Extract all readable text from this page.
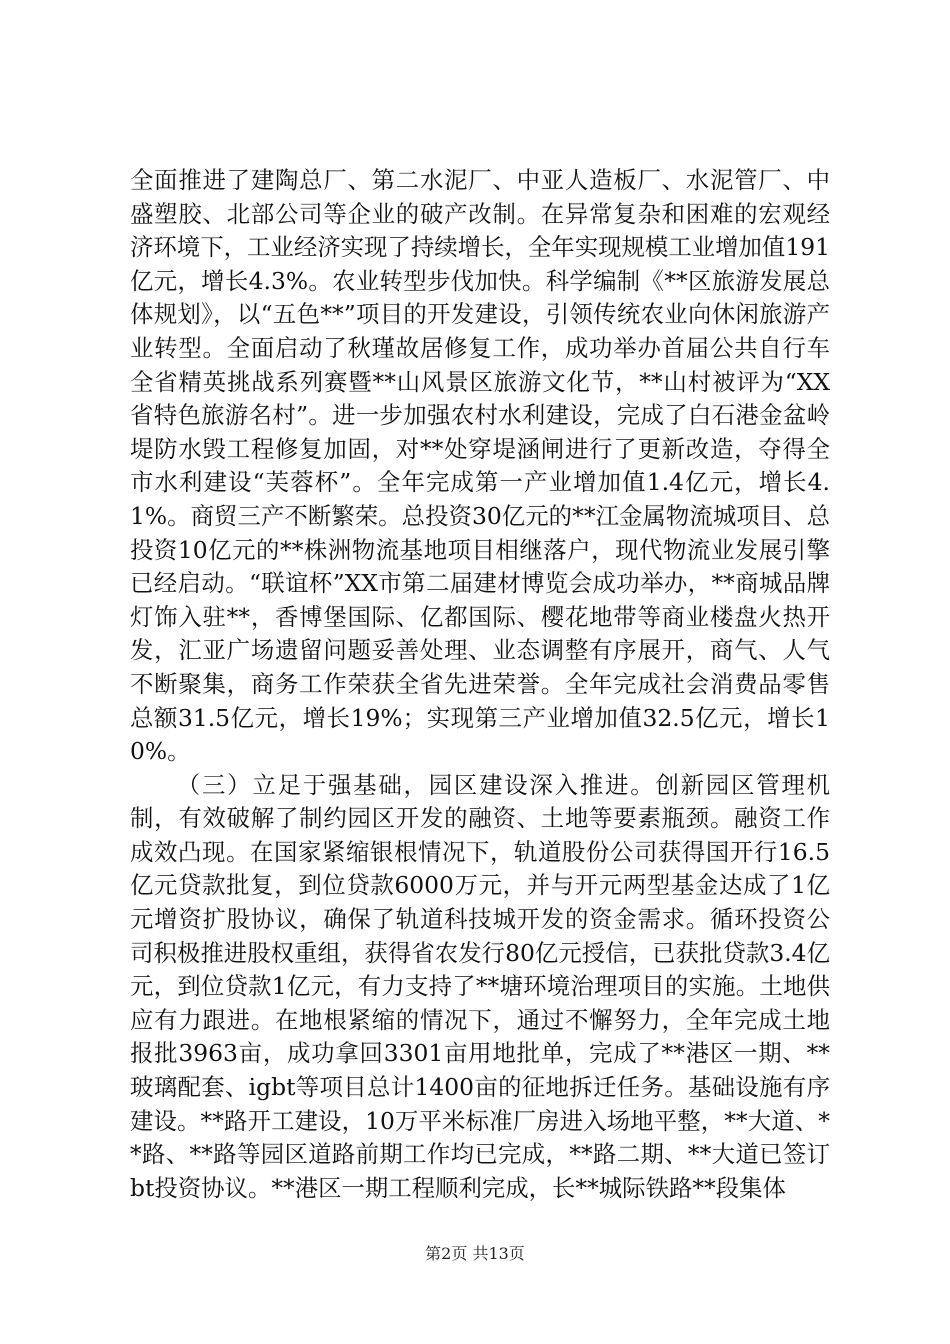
全面推进了建陶总厂、第二水泥厂、中亚人造板厂、水泥管厂、中盛塑胶、北部公司等企业的破产改制。在异常复杂和困难的宏观经济环境下，工业经济实现了持续增长，全年实现规模工业增加值191亿元，增长4.3%。农业转型步伐加快。科学编制《**区旅游发展总体规划》，以“五色**”项目的开发建设，引领传统农业向休闲旅游产业转型。全面启动了秋瑾故居修复工作，成功举办首届公共自行车全省精英挑战系列赛暨**山风景区旅游文化节，**山村被评为“XX省特色旅游名村”。进一步加强农村水利建设，完成了白石港金盆岭堤防水毁工程修复加固，对**处穿堤涵闸进行了更新改造，夺得全市水利建设“芙蓉杯”。全年完成第一产业增加值1.4亿元，增长4.1%。商贸三产不断繁荣。总投资30亿元的**江金属物流城项目、总投资10亿元的**株洲物流基地项目相继落户，现代物流业发展引擎已经启动。“联谊杯”XX市第二届建材博览会成功举办，**商城品牌灯饰入驻**，香博堡国际、亿都国际、樱花地带等商业楼盘火热开发，汇亚广场遗留问题妥善处理、业态调整有序展开，商气、人气不断聚集，商务工作荣获全省先进荣誉。全年完成社会消费品零售总额31.5亿元，增长19%；实现第三产业增加值32.5亿元，增长10%。

（三）立足于强基础，园区建设深入推进。创新园区管理机制，有效破解了制约园区开发的融资、土地等要素瓶颈。融资工作成效凸现。在国家紧缩银根情况下，轨道股份公司获得国开行16.5亿元贷款批复，到位贷款6000万元，并与开元两型基金达成了1亿元增资扩股协议，确保了轨道科技城开发的资金需求。循环投资公司积极推进股权重组，获得省农发行80亿元授信，已获批贷款3.4亿元，到位贷款1亿元，有力支持了**塘环境治理项目的实施。土地供应有力跟进。在地根紧缩的情况下，通过不懈努力，全年完成土地报批3963亩，成功拿回3301亩用地批单，完成了**港区一期、**玻璃配套、igbt等项目总计1400亩的征地拆迁任务。基础设施有序建设。**路开工建设，10万平米标准厂房进入场地平整，**大道、**路、**路等园区道路前期工作均已完成，**路二期、**大道已签订bt投资协议。**港区一期工程顺利完成，长**城际铁路**段集体

第2页 共13页
